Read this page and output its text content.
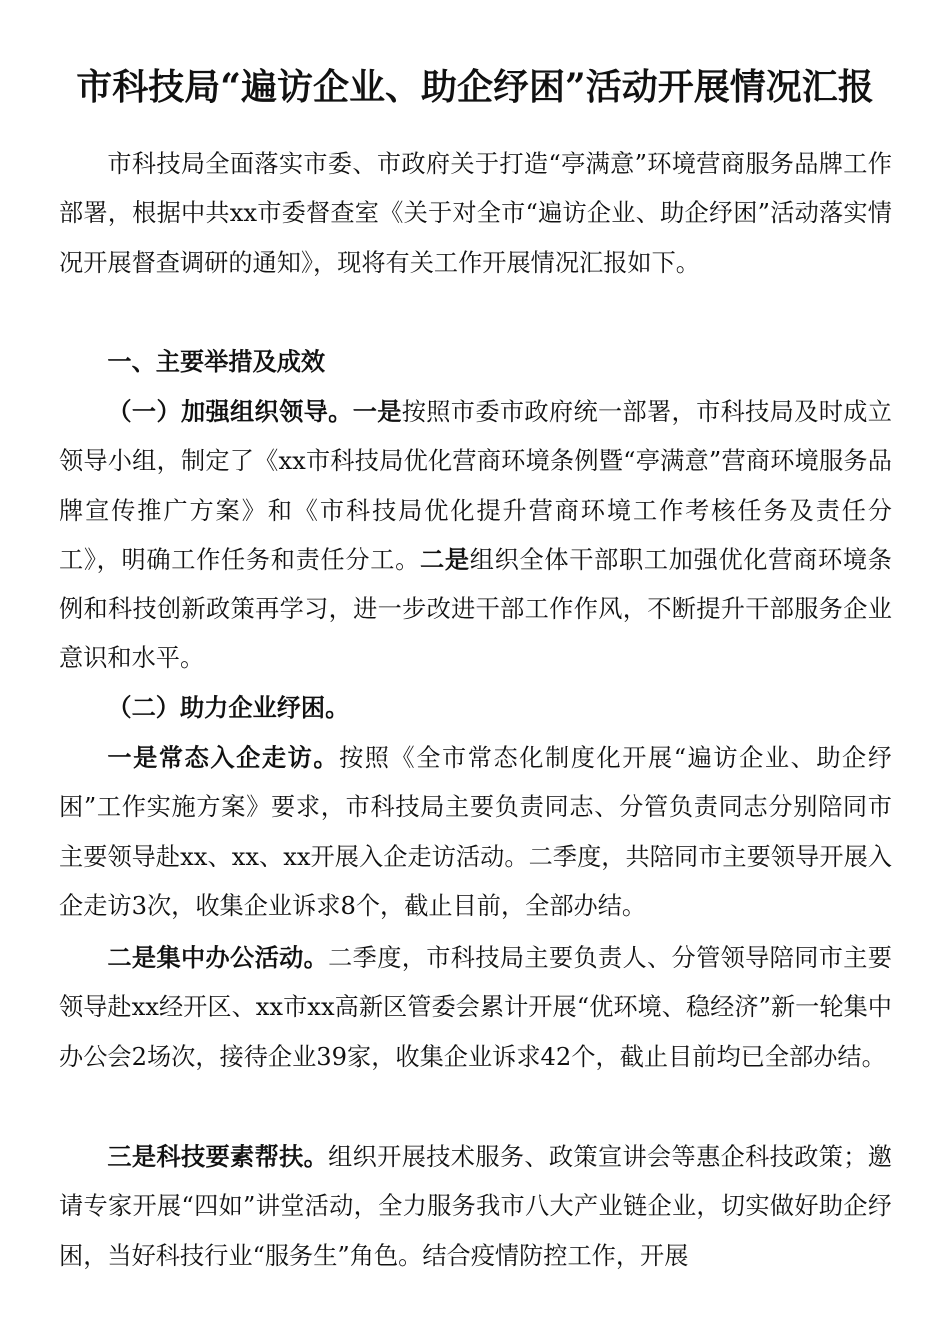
市科技局“遍访企业、助企纾困”活动开展情况汇报

市科技局全面落实市委、市政府关于打造“亭满意”环境营商服务品牌工作部署，根据中共xx市委督查室《关于对全市“遍访企业、助企纾困”活动落实情况开展督查调研的通知》，现将有关工作开展情况汇报如下。

一、主要举措及成效

（一）加强组织领导。一是按照市委市政府统一部署，市科技局及时成立领导小组，制定了《xx市科技局优化营商环境条例暨“亭满意”营商环境服务品牌宣传推广方案》和《市科技局优化提升营商环境工作考核任务及责任分工》，明确工作任务和责任分工。二是组织全体干部职工加强优化营商环境条例和科技创新政策再学习，进一步改进干部工作作风，不断提升干部服务企业意识和水平。

（二）助力企业纾困。

一是常态入企走访。按照《全市常态化制度化开展“遍访企业、助企纾困”工作实施方案》要求，市科技局主要负责同志、分管负责同志分别陪同市主要领导赴xx、xx、xx开展入企走访活动。二季度，共陪同市主要领导开展入企走访3次，收集企业诉求8个，截止目前，全部办结。

二是集中办公活动。二季度，市科技局主要负责人、分管领导陪同市主要领导赴xx经开区、xx市xx高新区管委会累计开展“优环境、稳经济”新一轮集中办公会2场次，接待企业39家，收集企业诉求42个，截止目前均已全部办结。

三是科技要素帮扶。组织开展技术服务、政策宣讲会等惠企科技政策；邀请专家开展“四如”讲堂活动，全力服务我市八大产业链企业，切实做好助企纾困，当好科技行业“服务生”角色。结合疫情防控工作，开展
